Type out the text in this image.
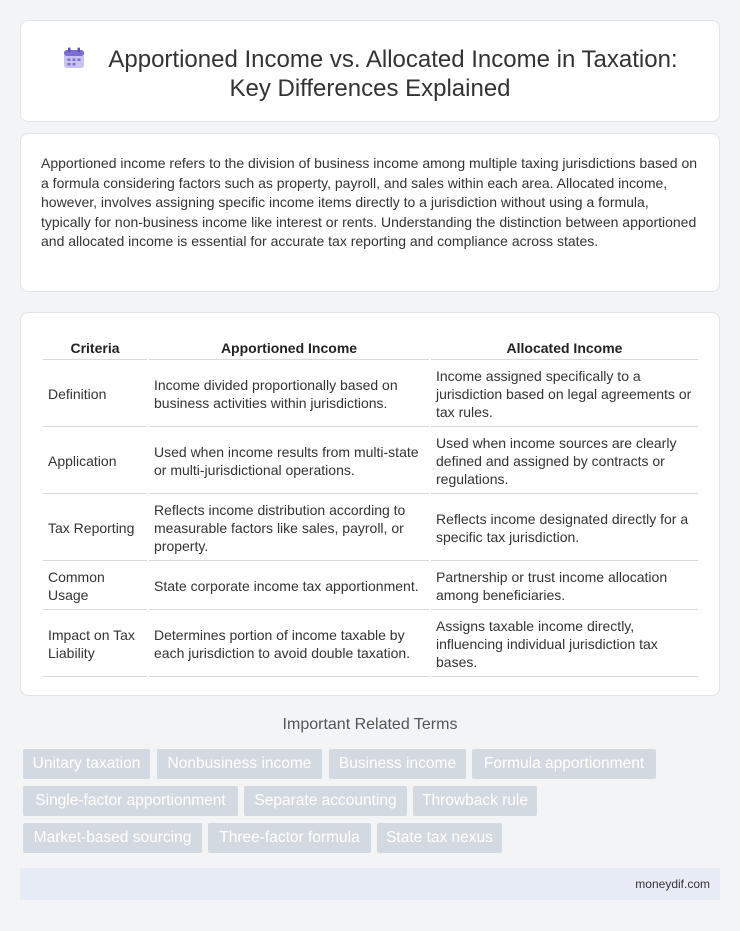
Apportioned Income vs. Allocated Income in Taxation:
Key Differences Explained

Apportioned income refers to the division of business income among multiple taxing jurisdictions based on a formula considering factors such as property, payroll, and sales within each area. Allocated income, however, involves assigning specific income items directly to a jurisdiction without using a formula, typically for non-business income like interest or rents. Understanding the distinction between apportioned and allocated income is essential for accurate tax reporting and compliance across states.

Criteria	Apportioned Income	Allocated Income
Definition	Income divided proportionally based on business activities within jurisdictions.	Income assigned specifically to a jurisdiction based on legal agreements or tax rules.
Application	Used when income results from multi-state or multi-jurisdictional operations.	Used when income sources are clearly defined and assigned by contracts or regulations.
Tax Reporting	Reflects income distribution according to measurable factors like sales, payroll, or property.	Reflects income designated directly for a specific tax jurisdiction.
Common Usage	State corporate income tax apportionment.	Partnership or trust income allocation among beneficiaries.
Impact on Tax Liability	Determines portion of income taxable by each jurisdiction to avoid double taxation.	Assigns taxable income directly, influencing individual jurisdiction tax bases.
Important Related Terms
Unitary taxation	Nonbusiness income	Business income	Formula apportionment
Single-factor apportionment	Separate accounting	Throwback rule
Market-based sourcing	Three-factor formula	State tax nexus
moneydif.com
